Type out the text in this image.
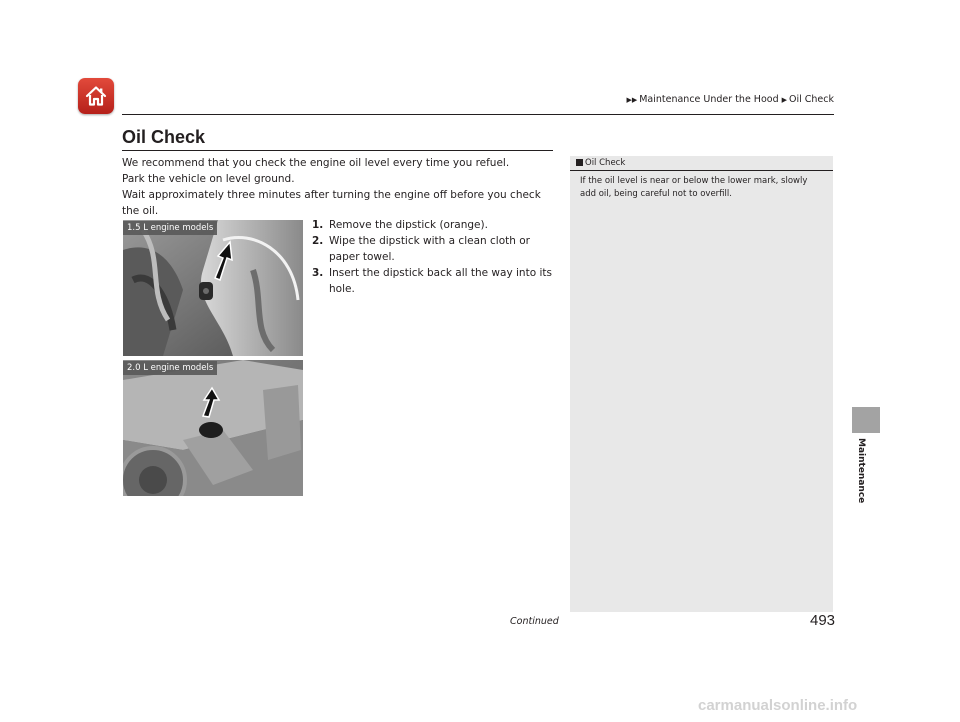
▶▶ Maintenance Under the Hood ▶ Oil Check
Oil Check

We recommend that you check the engine oil level every time you refuel.

Park the vehicle on level ground.

Wait approximately three minutes after turning the engine off before you check the oil.

1.5 L engine models
2.0 L engine models
1. Remove the dipstick (orange).
2. Wipe the dipstick with a clean cloth or paper towel.
3. Insert the dipstick back all the way into its hole.
Oil Check

If the oil level is near or below the lower mark, slowly add oil, being careful not to overfill.

Maintenance
Continued	493
carmanualsonline.info
